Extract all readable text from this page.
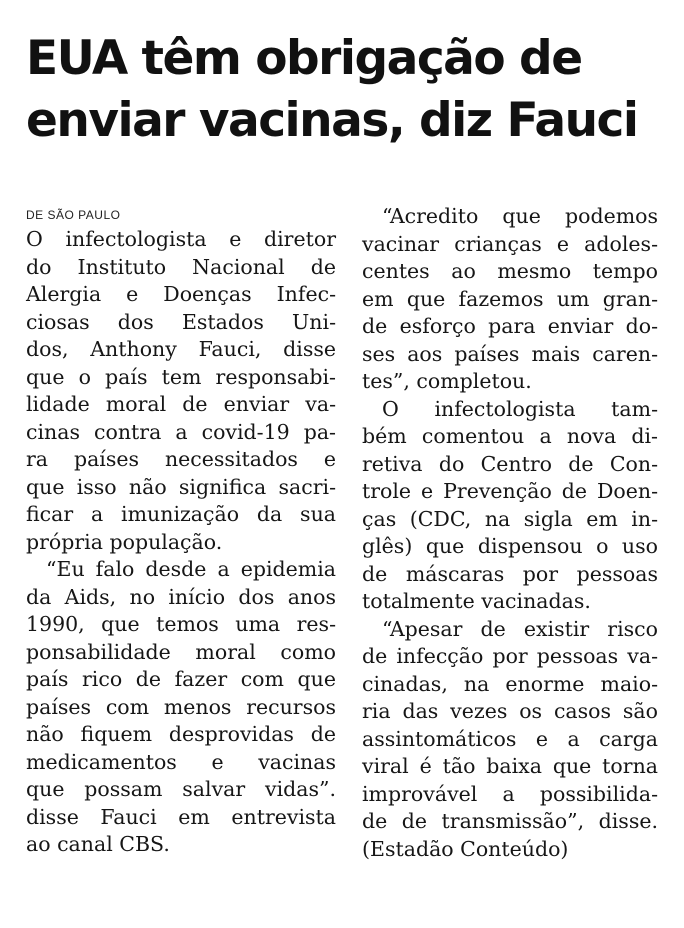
EUA têm obrigação de
enviar vacinas, diz Fauci
DE SÃO PAULO
O infectologista e diretor
do Instituto Nacional de
Alergia e Doenças Infec-
ciosas dos Estados Uni-
dos, Anthony Fauci, disse
que o país tem responsabi-
lidade moral de enviar va-
cinas contra a covid-19 pa-
ra países necessitados e
que isso não significa sacri-
ficar a imunização da sua
própria população.
“Eu falo desde a epidemia
da Aids, no início dos anos
1990, que temos uma res-
ponsabilidade moral como
país rico de fazer com que
países com menos recursos
não fiquem desprovidas de
medicamentos e vacinas
que possam salvar vidas”.
disse Fauci em entrevista
ao canal CBS.
“Acredito que podemos
vacinar crianças e adoles-
centes ao mesmo tempo
em que fazemos um gran-
de esforço para enviar do-
ses aos países mais caren-
tes”, completou.
O infectologista tam-
bém comentou a nova di-
retiva do Centro de Con-
trole e Prevenção de Doen-
ças (CDC, na sigla em in-
glês) que dispensou o uso
de máscaras por pessoas
totalmente vacinadas.
“Apesar de existir risco
de infecção por pessoas va-
cinadas, na enorme maio-
ria das vezes os casos são
assintomáticos e a carga
viral é tão baixa que torna
improvável a possibilida-
de de transmissão”, disse.
(Estadão Conteúdo)
